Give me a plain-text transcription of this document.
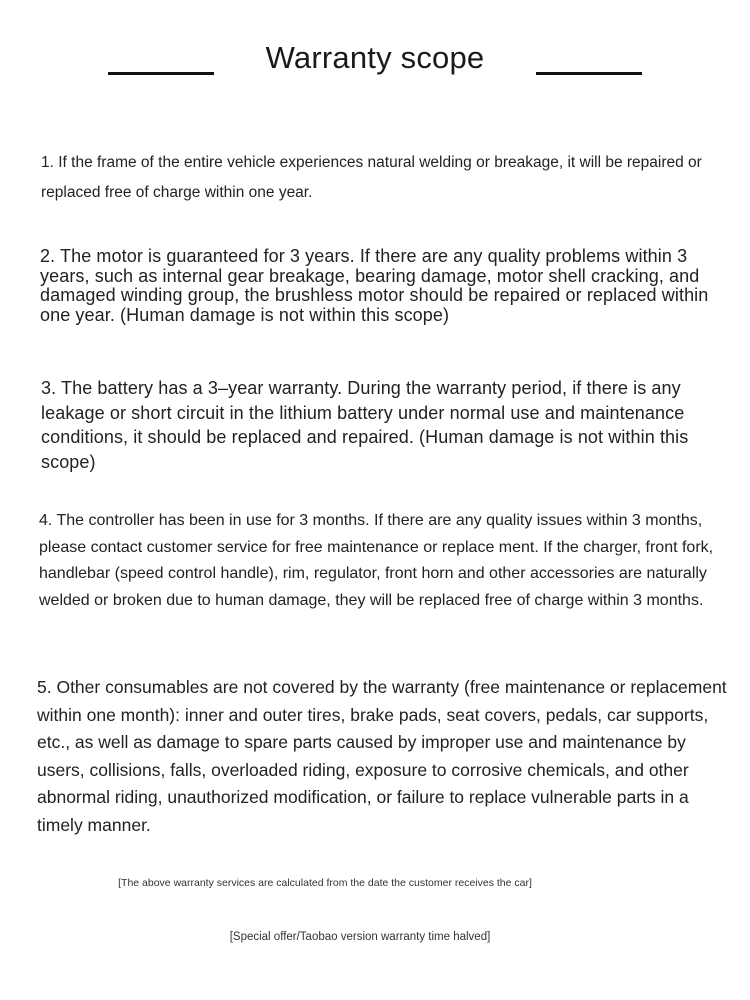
Warranty scope

1. If the frame of the entire vehicle experiences natural welding or breakage, it will be repaired or replaced free of charge within one year.

2. The motor is guaranteed for 3 years. If there are any quality problems within 3 years, such as internal gear breakage, bearing damage, motor shell cracking, and damaged winding group, the brushless motor should be repaired or replaced within one year. (Human damage is not within this scope)

3. The battery has a 3–year warranty. During the warranty period, if there is any leakage or short circuit in the lithium battery under normal use and maintenance conditions, it should be replaced and repaired. (Human damage is not within this scope)

4. The controller has been in use for 3 months. If there are any quality issues within 3 months, please contact customer service for free maintenance or replace ment. If the charger, front fork, handlebar (speed control handle), rim, regulator, front horn and other accessories are naturally welded or broken due to human damage, they will be replaced free of charge within 3 months.

5. Other consumables are not covered by the warranty (free maintenance or replacement within one month): inner and outer tires, brake pads, seat covers, pedals, car supports, etc., as well as damage to spare parts caused by improper use and maintenance by users, collisions, falls, overloaded riding, exposure to corrosive chemicals, and other abnormal riding, unauthorized modification, or failure to replace vulnerable parts in a timely manner.

[The above warranty services are calculated from the date the customer receives the car]

[Special offer/Taobao version warranty time halved]
